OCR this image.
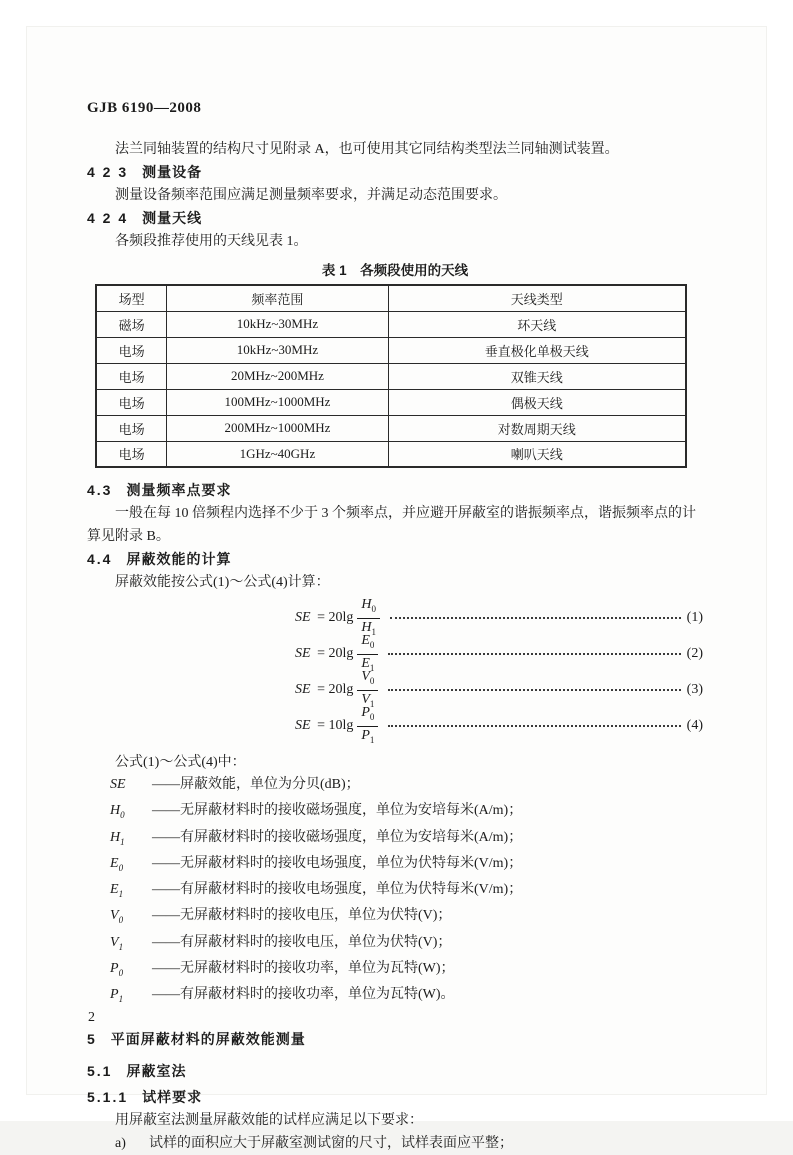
GJB 6190—2008

法兰同轴装置的结构尺寸见附录 A，也可使用其它同结构类型法兰同轴测试装置。

4 2 3 测量设备

测量设备频率范围应满足测量频率要求，并满足动态范围要求。

4 2 4 测量天线

各频段推荐使用的天线见表 1。

表 1　各频段使用的天线
场型	频率范围	天线类型
磁场	10kHz~30MHz	环天线
电场	10kHz~30MHz	垂直极化单极天线
电场	20MHz~200MHz	双锥天线
电场	100MHz~1000MHz	偶极天线
电场	200MHz~1000MHz	对数周期天线
电场	1GHz~40GHz	喇叭天线
4.3 测量频率点要求

一般在每 10 倍频程内选择不少于 3 个频率点，并应避开屏蔽室的谐振频率点，谐振频率点的计算见附录 B。

4.4 屏蔽效能的计算

屏蔽效能按公式(1)～公式(4)计算：

SE = $20\lg \frac{H_0}{H_1}$	(1)
SE = $20\lg \frac{E_0}{E_1}$	(2)
SE = $20\lg \frac{V_0}{V_1}$	(3)
SE = $10\lg \frac{P_0}{P_1}$	(4)
公式(1)～公式(4)中：
SE	——屏蔽效能，单位为分贝(dB)；
$H_0$	——无屏蔽材料时的接收磁场强度，单位为安培每米(A/m)；
$H_1$	——有屏蔽材料时的接收磁场强度，单位为安培每米(A/m)；
$E_0$	——无屏蔽材料时的接收电场强度，单位为伏特每米(V/m)；
$E_1$	——有屏蔽材料时的接收电场强度，单位为伏特每米(V/m)；
$V_0$	——无屏蔽材料时的接收电压，单位为伏特(V)；
$V_1$	——有屏蔽材料时的接收电压，单位为伏特(V)；
$P_0$	——无屏蔽材料时的接收功率，单位为瓦特(W)；
$P_1$	——有屏蔽材料时的接收功率，单位为瓦特(W)。
5 平面屏蔽材料的屏蔽效能测量
5.1 屏蔽室法
5.1.1 试样要求

用屏蔽室法测量屏蔽效能的试样应满足以下要求：

a)	试样的面积应大于屏蔽室测试窗的尺寸，试样表面应平整；
2
